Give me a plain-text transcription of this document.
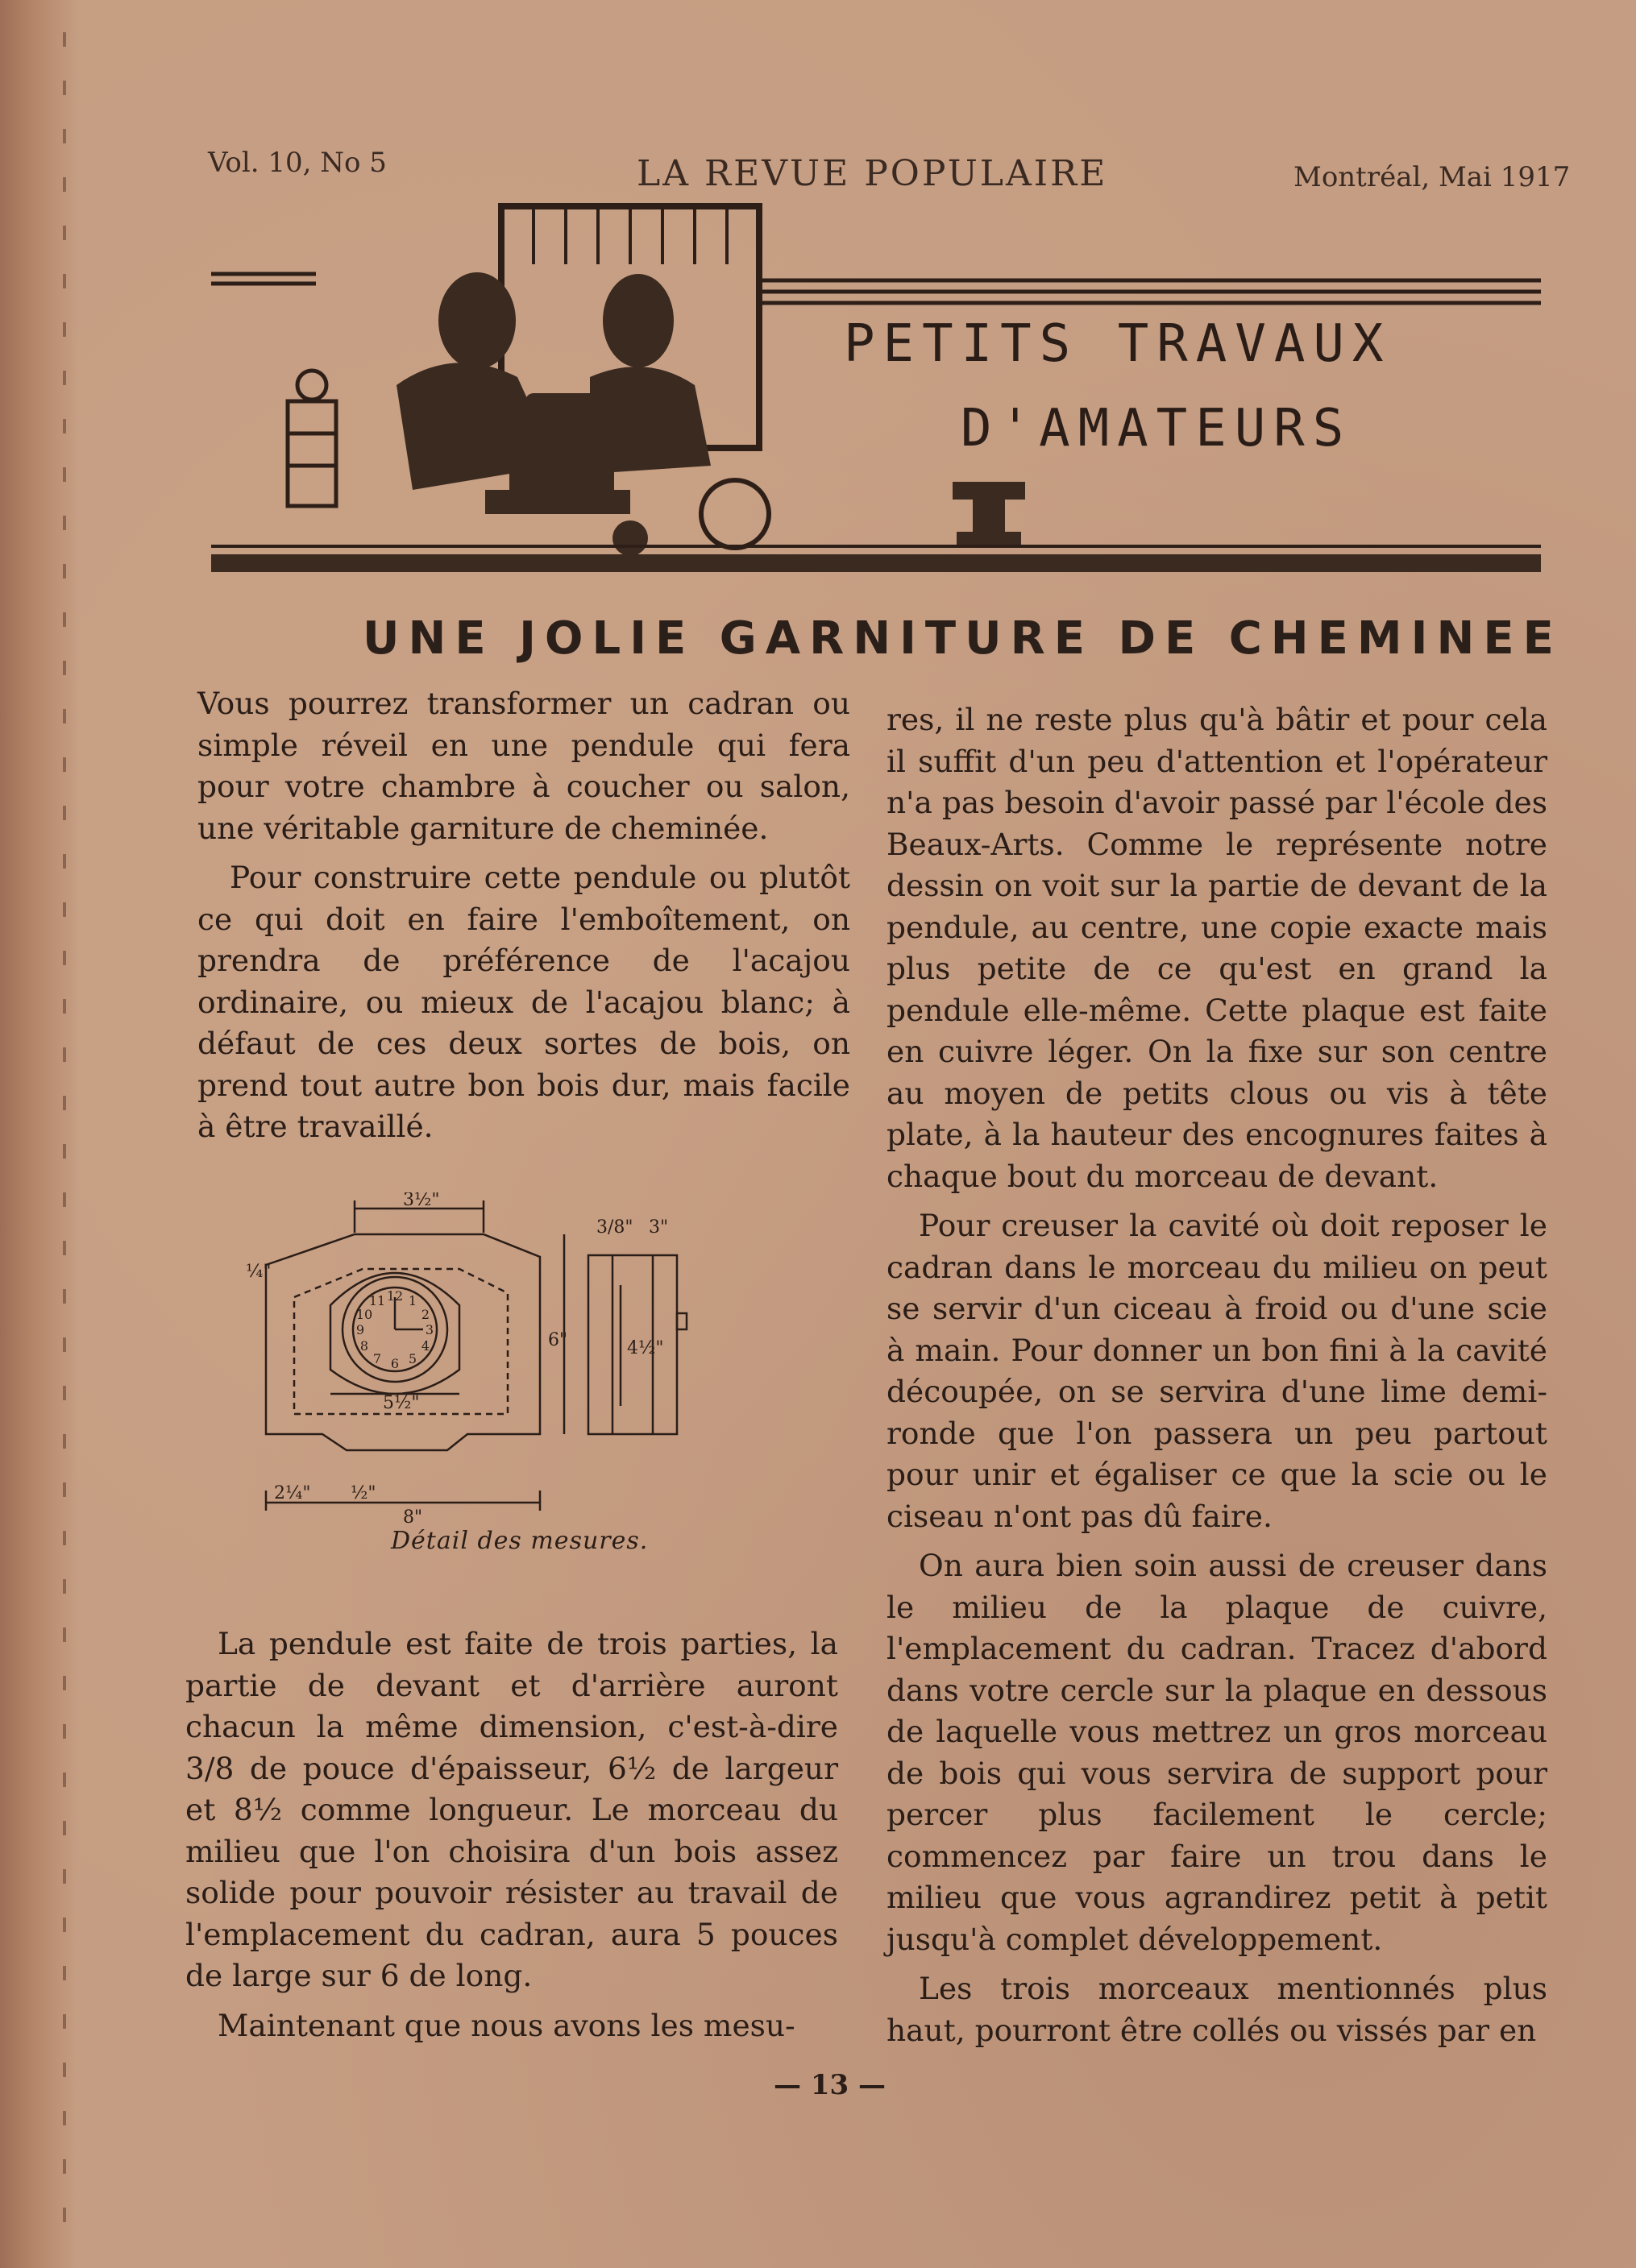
Vol. 10, No 5	LA REVUE POPULAIRE	Montréal, Mai 1917
PETITS TRAVAUX
D'AMATEURS
UNE JOLIE GARNITURE DE CHEMINEE

Vous pourrez transformer un cadran ou simple réveil en une pendule qui fera pour votre chambre à coucher ou salon, une véritable garniture de cheminée.

Pour construire cette pendule ou plutôt ce qui doit en faire l'emboîtement, on prendra de préférence de l'acajou ordinaire, ou mieux de l'acajou blanc; à défaut de ces deux sortes de bois, on prend tout autre bon bois dur, mais facile à être travaillé.

3½"
5½"
2¼" ½"
8"
6"	4½"
3/8" 3"
¼"
12 1
2
3
4
5
6
7
8
9
10
11
Détail des mesures.

La pendule est faite de trois parties, la partie de devant et d'arrière auront chacun la même dimension, c'est-à-dire 3/8 de pouce d'épaisseur, 6½ de largeur et 8½ comme longueur. Le morceau du milieu que l'on choisira d'un bois assez solide pour pouvoir résister au travail de l'emplacement du cadran, aura 5 pouces de large sur 6 de long.

Maintenant que nous avons les mesu-

res, il ne reste plus qu'à bâtir et pour cela il suffit d'un peu d'attention et l'opérateur n'a pas besoin d'avoir passé par l'école des Beaux-Arts. Comme le représente notre dessin on voit sur la partie de devant de la pendule, au centre, une copie exacte mais plus petite de ce qu'est en grand la pendule elle-même. Cette plaque est faite en cuivre léger. On la fixe sur son centre au moyen de petits clous ou vis à tête plate, à la hauteur des encognures faites à chaque bout du morceau de devant.

Pour creuser la cavité où doit reposer le cadran dans le morceau du milieu on peut se servir d'un ciceau à froid ou d'une scie à main. Pour donner un bon fini à la cavité découpée, on se servira d'une lime demi-ronde que l'on passera un peu partout pour unir et égaliser ce que la scie ou le ciseau n'ont pas dû faire.

On aura bien soin aussi de creuser dans le milieu de la plaque de cuivre, l'emplacement du cadran. Tracez d'abord dans votre cercle sur la plaque en dessous de laquelle vous mettrez un gros morceau de bois qui vous servira de support pour percer plus facilement le cercle; commencez par faire un trou dans le milieu que vous agrandirez petit à petit jusqu'à complet développement.

Les trois morceaux mentionnés plus haut, pourront être collés ou vissés par en

— 13 —
